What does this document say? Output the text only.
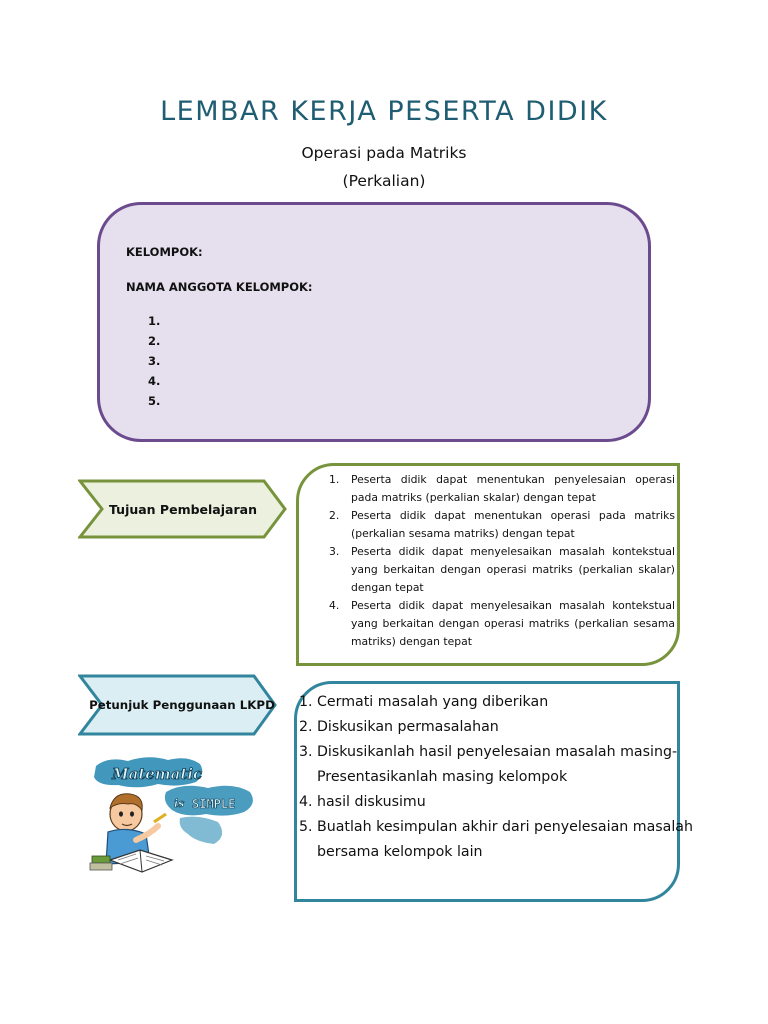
LEMBAR KERJA PESERTA DIDIK
Operasi pada Matriks
(Perkalian)
KELOMPOK:
NAMA ANGGOTA KELOMPOK:
1.
2.
3.
4.
5.
Tujuan Pembelajaran
1. Peserta didik dapat menentukan penyelesaian operasi pada matriks (perkalian skalar) dengan tepat
2. Peserta didik dapat menentukan operasi pada matriks (perkalian sesama matriks) dengan tepat
3. Peserta didik dapat menyelesaikan masalah kontekstual yang berkaitan dengan operasi matriks (perkalian skalar) dengan tepat
4. Peserta didik dapat menyelesaikan masalah kontekstual yang berkaitan dengan operasi matriks (perkalian sesama matriks) dengan tepat
Petunjuk Penggunaan LKPD 1. Cermati masalah yang diberikan
2. Diskusikan permasalahan
3. Diskusikanlah hasil penyelesaian masalah masing-
Presentasikanlah masing kelompok
4. hasil diskusimu
5. Buatlah kesimpulan akhir dari penyelesaian masalah
bersama kelompok lain
Matematic
is SIMPLE
